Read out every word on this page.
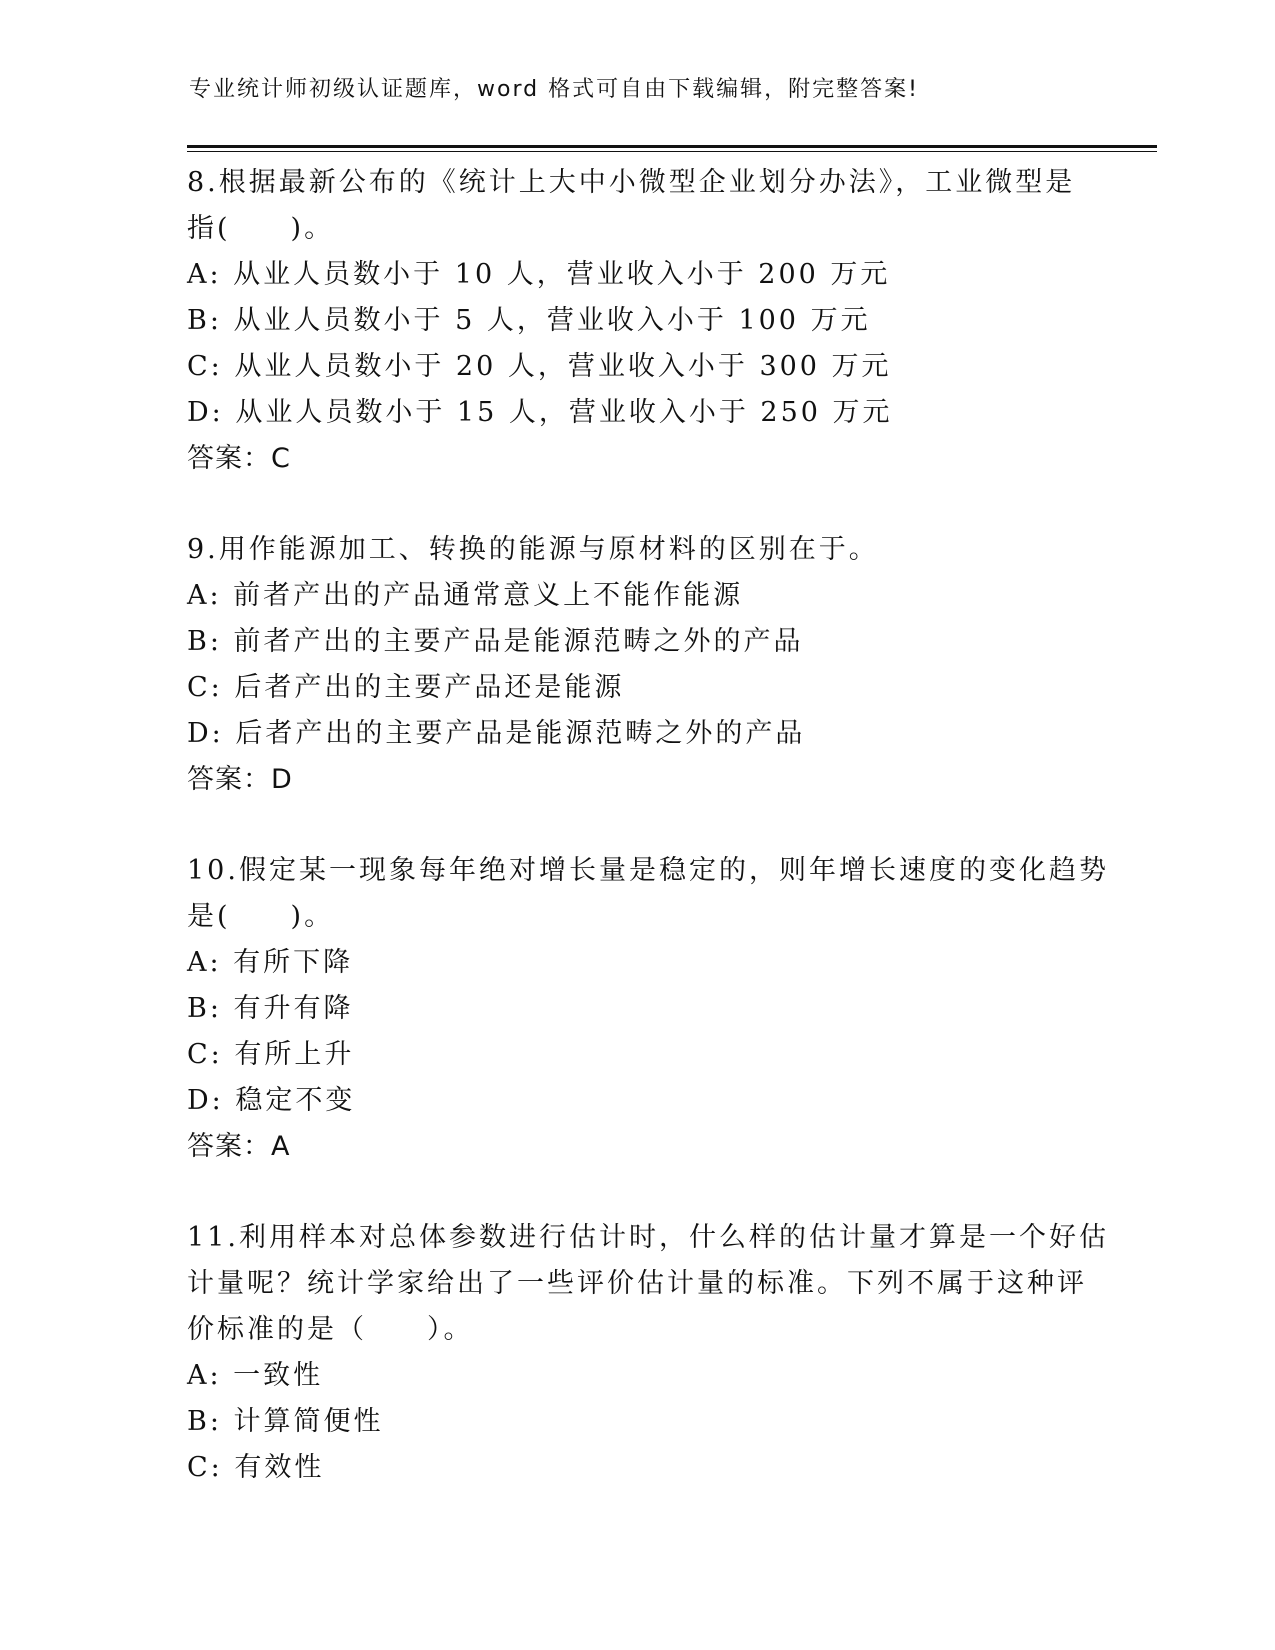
专业统计师初级认证题库，word 格式可自由下载编辑，附完整答案!
8.根据最新公布的《统计上大中小微型企业划分办法》，工业微型是
指(　　)。
A: 从业人员数小于 10 人，营业收入小于 200 万元
B: 从业人员数小于 5 人，营业收入小于 100 万元
C: 从业人员数小于 20 人，营业收入小于 300 万元
D: 从业人员数小于 15 人，营业收入小于 250 万元
答案：C
9.用作能源加工、转换的能源与原材料的区别在于。
A: 前者产出的产品通常意义上不能作能源
B: 前者产出的主要产品是能源范畴之外的产品
C: 后者产出的主要产品还是能源
D: 后者产出的主要产品是能源范畴之外的产品
答案：D
10.假定某一现象每年绝对增长量是稳定的，则年增长速度的变化趋势
是(　　)。
A: 有所下降
B: 有升有降
C: 有所上升
D: 稳定不变
答案：A
11.利用样本对总体参数进行估计时，什么样的估计量才算是一个好估
计量呢？统计学家给出了一些评价估计量的标准。下列不属于这种评
价标准的是（　　）。
A: 一致性
B: 计算简便性
C: 有效性
